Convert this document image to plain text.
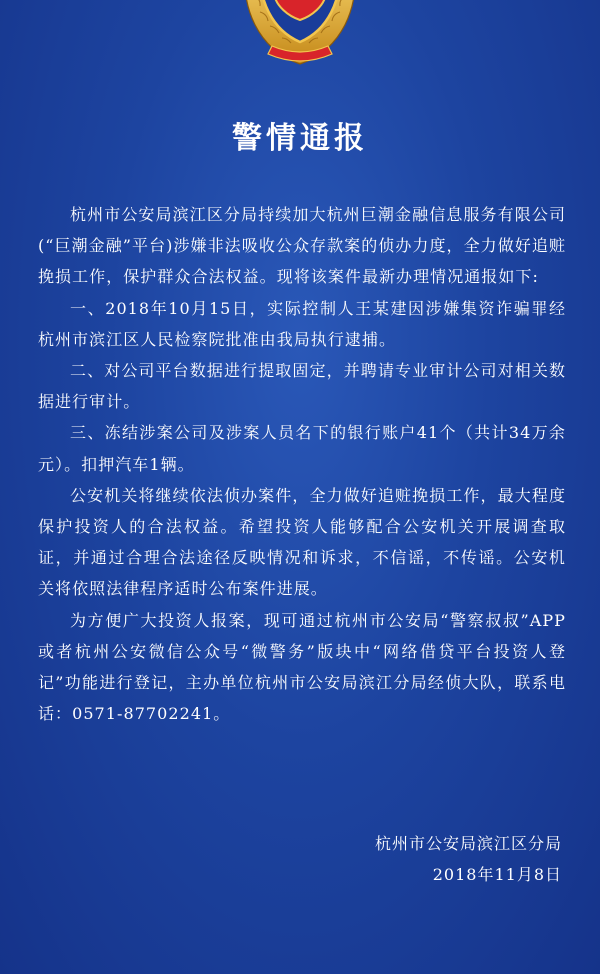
警情通报

杭州市公安局滨江区分局持续加大杭州巨潮金融信息服务有限公司(“巨潮金融”平台)涉嫌非法吸收公众存款案的侦办力度，全力做好追赃挽损工作，保护群众合法权益。现将该案件最新办理情况通报如下:

一、2018年10月15日，实际控制人王某建因涉嫌集资诈骗罪经杭州市滨江区人民检察院批准由我局执行逮捕。

二、对公司平台数据进行提取固定，并聘请专业审计公司对相关数据进行审计。

三、冻结涉案公司及涉案人员名下的银行账户41个（共计34万余元）。扣押汽车1辆。

公安机关将继续依法侦办案件，全力做好追赃挽损工作，最大程度保护投资人的合法权益。希望投资人能够配合公安机关开展调查取证，并通过合理合法途径反映情况和诉求，不信谣，不传谣。公安机关将依照法律程序适时公布案件进展。

为方便广大投资人报案，现可通过杭州市公安局“警察叔叔”APP或者杭州公安微信公众号“微警务”版块中“网络借贷平台投资人登记”功能进行登记，主办单位杭州市公安局滨江分局经侦大队，联系电话：0571-87702241。

杭州市公安局滨江区分局
2018年11月8日
